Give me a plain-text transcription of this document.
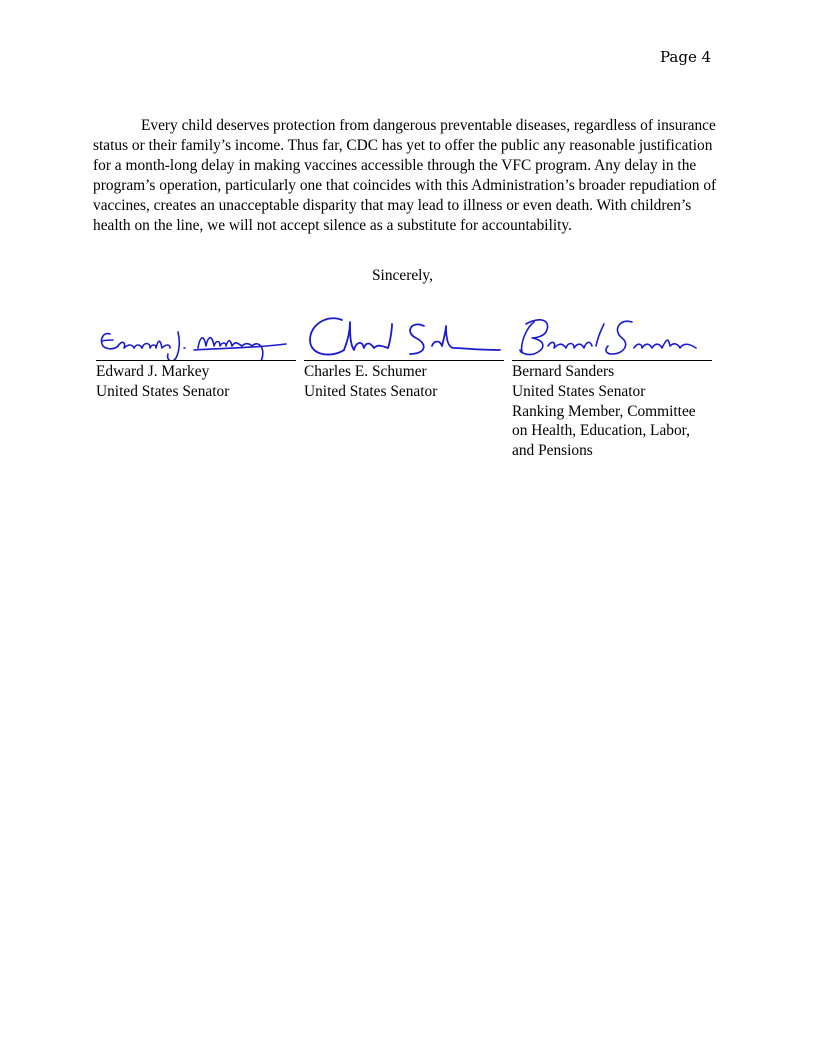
Page 4

Every child deserves protection from dangerous preventable diseases, regardless of insurance status or their family’s income. Thus far, CDC has yet to offer the public any reasonable justification for a month-long delay in making vaccines accessible through the VFC program. Any delay in the program’s operation, particularly one that coincides with this Administration’s broader repudiation of vaccines, creates an unacceptable disparity that may lead to illness or even death. With children’s health on the line, we will not accept silence as a substitute for accountability.

Sincerely,
Edward J. Markey
United States Senator
Charles E. Schumer
United States Senator
Bernard Sanders
United States Senator
Ranking Member, Committee
on Health, Education, Labor,
and Pensions
